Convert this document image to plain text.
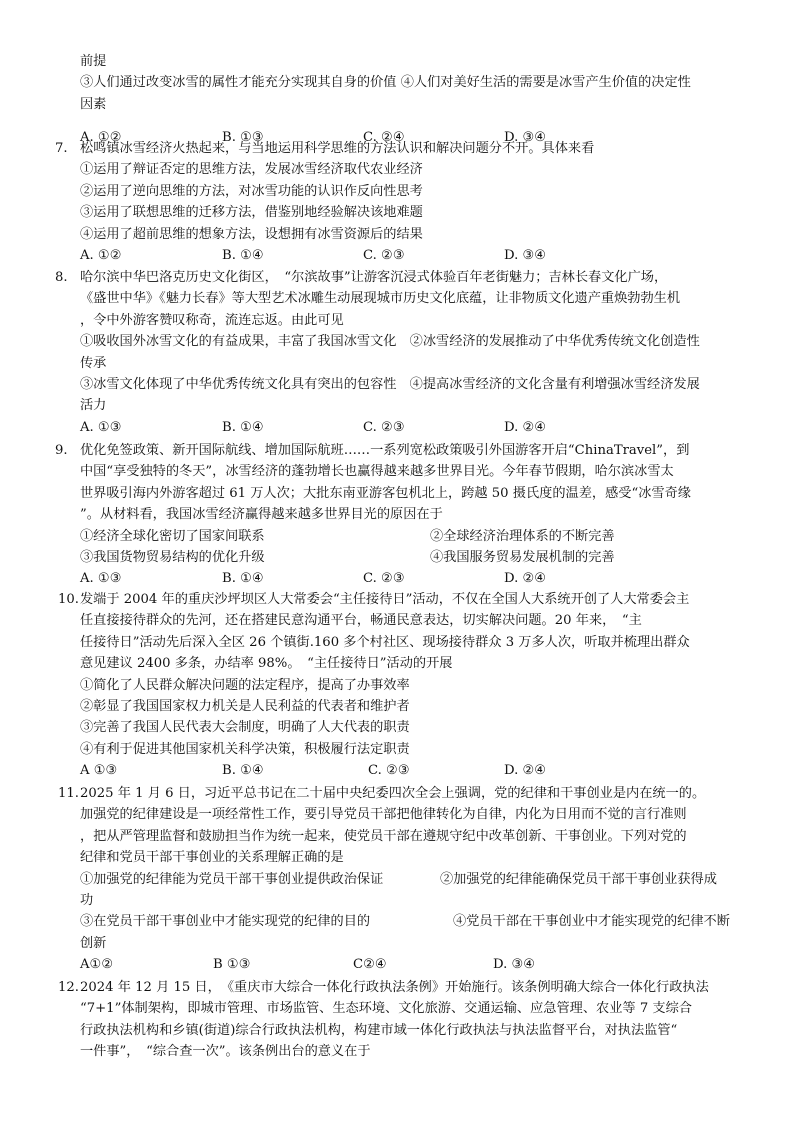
前提
③人们通过改变冰雪的属性才能充分实现其自身的价值 ④人们对美好生活的需要是冰雪产生价值的决定性
因素
A. ①②	B. ①③	C. ②④	D. ③④
7. 松鸣镇冰雪经济火热起来，与当地运用科学思维的方法认识和解决问题分不开。具体来看
①运用了辩证否定的思维方法，发展冰雪经济取代农业经济
②运用了逆向思维的方法，对冰雪功能的认识作反向性思考
③运用了联想思维的迁移方法，借鉴别地经验解决该地难题
④运用了超前思维的想象方法，设想拥有冰雪资源后的结果
A. ①②	B. ①④	C. ②③	D. ③④
8. 哈尔滨中华巴洛克历史文化街区，　“尔滨故事”让游客沉浸式体验百年老街魅力；吉林长春文化广场，
《盛世中华》《魅力长春》等大型艺术冰雕生动展现城市历史文化底蕴，让非物质文化遗产重焕勃勃生机
，令中外游客赞叹称奇，流连忘返。由此可见
①吸收国外冰雪文化的有益成果，丰富了我国冰雪文化　②冰雪经济的发展推动了中华优秀传统文化创造性
传承
③冰雪文化体现了中华优秀传统文化具有突出的包容性　④提高冰雪经济的文化含量有利增强冰雪经济发展
活力
A. ①③	B. ①④	C. ②③	D. ②④
9. 优化免签政策、新开国际航线、增加国际航班……一系列宽松政策吸引外国游客开启“ChinaTravel”，到
中国“享受独特的冬天”，冰雪经济的蓬勃增长也赢得越来越多世界目光。今年春节假期，哈尔滨冰雪太
世界吸引海内外游客超过 61 万人次；大批东南亚游客包机北上，跨越 50 摄氏度的温差，感受“冰雪奇缘
”。从材料看，我国冰雪经济赢得越来越多世界目光的原因在于
①经济全球化密切了国家间联系	②全球经济治理体系的不断完善
③我国货物贸易结构的优化升级	④我国服务贸易发展机制的完善
A. ①③	B. ①④	C. ②③	D. ②④
10. 发端于 2004 年的重庆沙坪坝区人大常委会“主任接待日”活动，不仅在全国人大系统开创了人大常委会主
任直接接待群众的先河，还在搭建民意沟通平台，畅通民意表达，切实解决问题。20 年来，　“主
任接待日”活动先后深入全区 26 个镇街.160 多个村社区、现场接待群众 3 万多人次，听取并梳理出群众
意见建议 2400 多条，办结率 98%。　“主任接待日”活动的开展
①简化了人民群众解决问题的法定程序，提高了办事效率
②彰显了我国国家权力机关是人民利益的代表者和维护者
③完善了我国人民代表大会制度，明确了人大代表的职责
④有利于促进其他国家机关科学决策，积极履行法定职责
A ①③	B. ①④	C. ②③	D. ②④
11. 2025 年 1 月 6 日，习近平总书记在二十届中央纪委四次全会上强调，党的纪律和干事创业是内在统一的。
加强党的纪律建设是一项经常性工作，要引导党员干部把他律转化为自律，内化为日用而不觉的言行准则
，把从严管理监督和鼓励担当作为统一起来，使党员干部在遵规守纪中改革创新、干事创业。下列对党的
纪律和党员干部干事创业的关系理解正确的是
①加强党的纪律能为党员干部干事创业提供政治保证	②加强党的纪律能确保党员干部干事创业获得成
功
③在党员干部干事创业中才能实现党的纪律的目的	④党员干部在干事创业中才能实现党的纪律不断
创新
A①②	B ①③	C②④	D. ③④
12. 2024 年 12 月 15 日，　《重庆市大综合一体化行政执法条例》开始施行。该条例明确大综合一体化行政执法
“7+1”体制架构，即城市管理、市场监管、生态环境、文化旅游、交通运输、应急管理、农业等 7 支综合
行政执法机构和乡镇(街道)综合行政执法机构，构建市域一体化行政执法与执法监督平台，对执法监管“
一件事”，　“综合查一次”。该条例出台的意义在于
